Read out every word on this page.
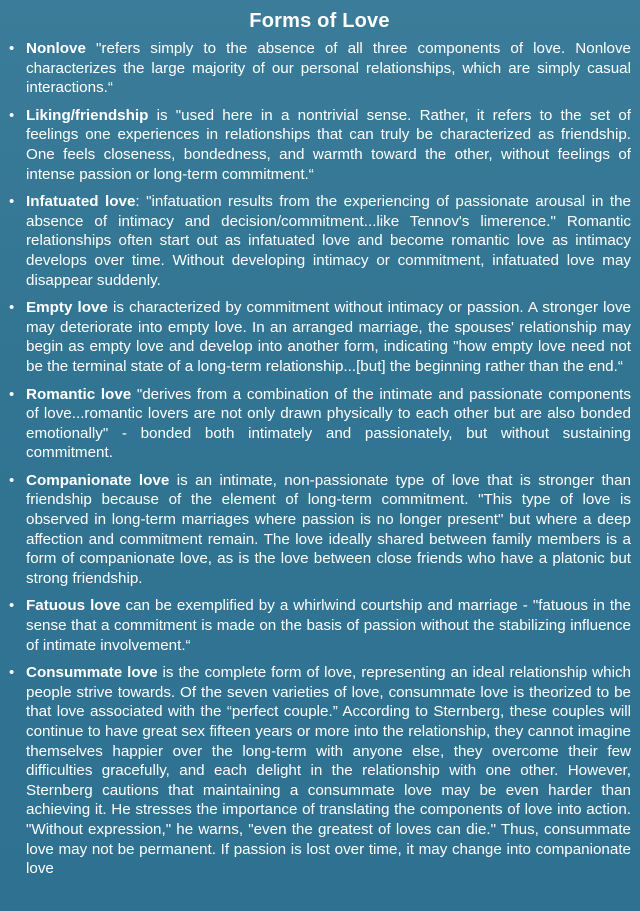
Forms of Love
• Nonlove "refers simply to the absence of all three components of love. Nonlove characterizes the large majority of our personal relationships, which are simply casual interactions.“
• Liking/friendship is "used here in a nontrivial sense. Rather, it refers to the set of feelings one experiences in relationships that can truly be characterized as friendship. One feels closeness, bondedness, and warmth toward the other, without feelings of intense passion or long-term commitment.“
• Infatuated love: "infatuation results from the experiencing of passionate arousal in the absence of intimacy and decision/commitment...like Tennov's limerence." Romantic relationships often start out as infatuated love and become romantic love as intimacy develops over time. Without developing intimacy or commitment, infatuated love may disappear suddenly.
• Empty love is characterized by commitment without intimacy or passion. A stronger love may deteriorate into empty love. In an arranged marriage, the spouses' relationship may begin as empty love and develop into another form, indicating "how empty love need not be the terminal state of a long-term relationship...[but] the beginning rather than the end.“
• Romantic love "derives from a combination of the intimate and passionate components of love...romantic lovers are not only drawn physically to each other but are also bonded emotionally" - bonded both intimately and passionately, but without sustaining commitment.
• Companionate love is an intimate, non-passionate type of love that is stronger than friendship because of the element of long-term commitment. "This type of love is observed in long-term marriages where passion is no longer present" but where a deep affection and commitment remain. The love ideally shared between family members is a form of companionate love, as is the love between close friends who have a platonic but strong friendship.
• Fatuous love can be exemplified by a whirlwind courtship and marriage - "fatuous in the sense that a commitment is made on the basis of passion without the stabilizing influence of intimate involvement.“
• Consummate love is the complete form of love, representing an ideal relationship which people strive towards. Of the seven varieties of love, consummate love is theorized to be that love associated with the “perfect couple.” According to Sternberg, these couples will continue to have great sex fifteen years or more into the relationship, they cannot imagine themselves happier over the long-term with anyone else, they overcome their few difficulties gracefully, and each delight in the relationship with one other. However, Sternberg cautions that maintaining a consummate love may be even harder than achieving it. He stresses the importance of translating the components of love into action. "Without expression," he warns, "even the greatest of loves can die." Thus, consummate love may not be permanent. If passion is lost over time, it may change into companionate love
